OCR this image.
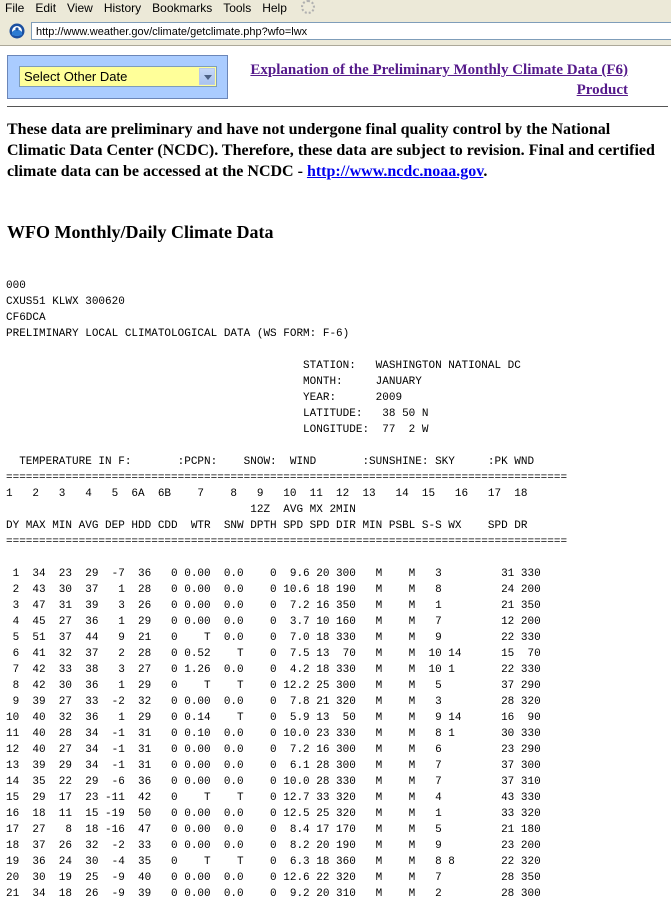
File Edit View History Bookmarks Tools Help
http://www.weather.gov/climate/getclimate.php?wfo=lwx
Select Other Date	Explanation of the Preliminary Monthly Climate Data (F6) Product
These data are preliminary and have not undergone final quality control by the National Climatic Data Center (NCDC). Therefore, these data are subject to revision. Final and certified climate data can be accessed at the NCDC - http://www.ncdc.noaa.gov.
WFO Monthly/Daily Climate Data
000
CXUS51 KLWX 300620
CF6DCA
PRELIMINARY LOCAL CLIMATOLOGICAL DATA (WS FORM: F-6)

STATION:   WASHINGTON NATIONAL DC
MONTH:     JANUARY
YEAR:      2009
LATITUDE:   38 50 N
LONGITUDE:  77  2 W

TEMPERATURE IN F:       :PCPN:    SNOW:  WIND       :SUNSHINE: SKY     :PK WND
=====================================================================================
1   2   3   4   5  6A  6B    7    8   9   10  11  12  13   14  15   16   17  18
12Z  AVG MX 2MIN
DY MAX MIN AVG DEP HDD CDD  WTR  SNW DPTH SPD SPD DIR MIN PSBL S-S WX    SPD DR
=====================================================================================

1  34  23  29  -7  36   0 0.00  0.0    0  9.6 20 300   M    M   3         31 330
2  43  30  37   1  28   0 0.00  0.0    0 10.6 18 190   M    M   8         24 200
3  47  31  39   3  26   0 0.00  0.0    0  7.2 16 350   M    M   1         21 350
4  45  27  36   1  29   0 0.00  0.0    0  3.7 10 160   M    M   7         12 200
5  51  37  44   9  21   0    T  0.0    0  7.0 18 330   M    M   9         22 330
6  41  32  37   2  28   0 0.52    T    0  7.5 13  70   M    M  10 14      15  70
7  42  33  38   3  27   0 1.26  0.0    0  4.2 18 330   M    M  10 1       22 330
8  42  30  36   1  29   0    T    T    0 12.2 25 300   M    M   5         37 290
9  39  27  33  -2  32   0 0.00  0.0    0  7.8 21 320   M    M   3         28 320
10  40  32  36   1  29   0 0.14    T    0  5.9 13  50   M    M   9 14      16  90
11  40  28  34  -1  31   0 0.10  0.0    0 10.0 23 330   M    M   8 1       30 330
12  40  27  34  -1  31   0 0.00  0.0    0  7.2 16 300   M    M   6         23 290
13  39  29  34  -1  31   0 0.00  0.0    0  6.1 28 300   M    M   7         37 300
14  35  22  29  -6  36   0 0.00  0.0    0 10.0 28 330   M    M   7         37 310
15  29  17  23 -11  42   0    T    T    0 12.7 33 320   M    M   4         43 330
16  18  11  15 -19  50   0 0.00  0.0    0 12.5 25 320   M    M   1         33 320
17  27   8  18 -16  47   0 0.00  0.0    0  8.4 17 170   M    M   5         21 180
18  37  26  32  -2  33   0 0.00  0.0    0  8.2 20 190   M    M   9         23 200
19  36  24  30  -4  35   0    T    T    0  6.3 18 360   M    M   8 8       22 320
20  30  19  25  -9  40   0 0.00  0.0    0 12.6 22 320   M    M   7         28 350
21  34  18  26  -9  39   0 0.00  0.0    0  9.2 20 310   M    M   2         28 300
